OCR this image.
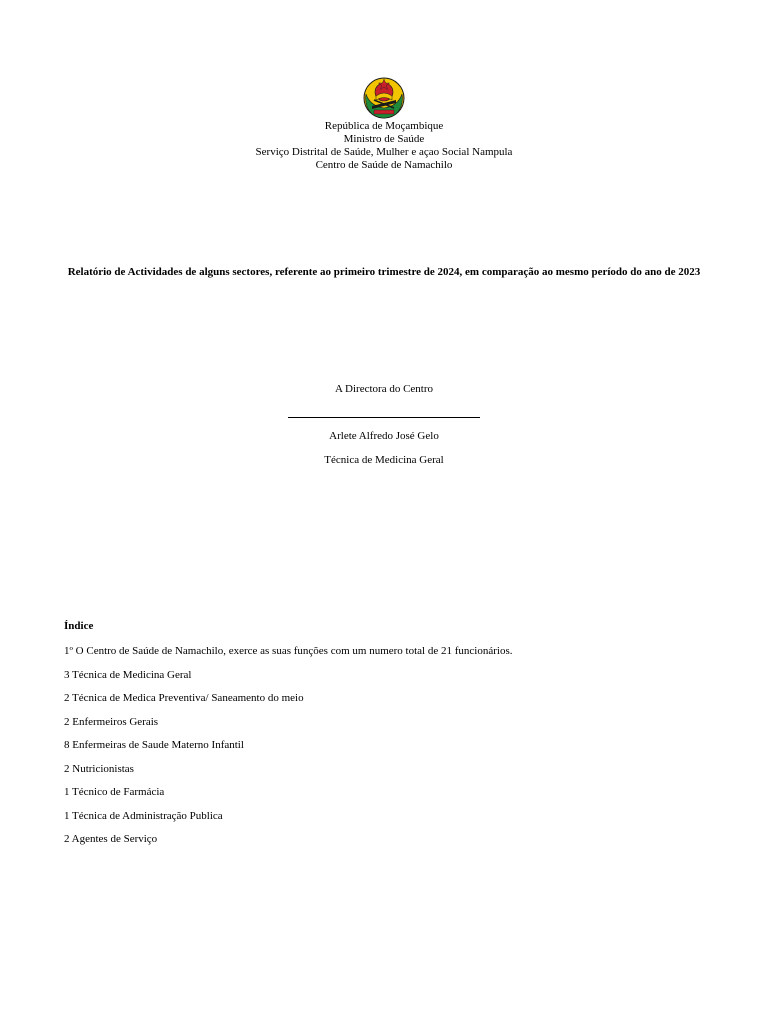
República de Moçambique
Ministro de Saúde
Serviço Distrital de Saúde, Mulher e açao Social Nampula
Centro de Saúde de Namachilo
Relatório de Actividades de alguns sectores, referente ao primeiro trimestre de 2024, em comparação ao mesmo período do ano de 2023
A Directora do Centro
Arlete Alfredo José Gelo
Técnica de Medicina Geral
Índice
1º O Centro de Saúde de Namachilo, exerce as suas funções com um numero total de 21 funcionários.
3 Técnica de Medicina Geral
2 Técnica de Medica Preventiva/ Saneamento do meio
2 Enfermeiros Gerais
8 Enfermeiras de Saude Materno Infantil
2 Nutricionistas
1 Técnico de Farmácia
1 Técnica de Administração Publica
2 Agentes de Serviço
